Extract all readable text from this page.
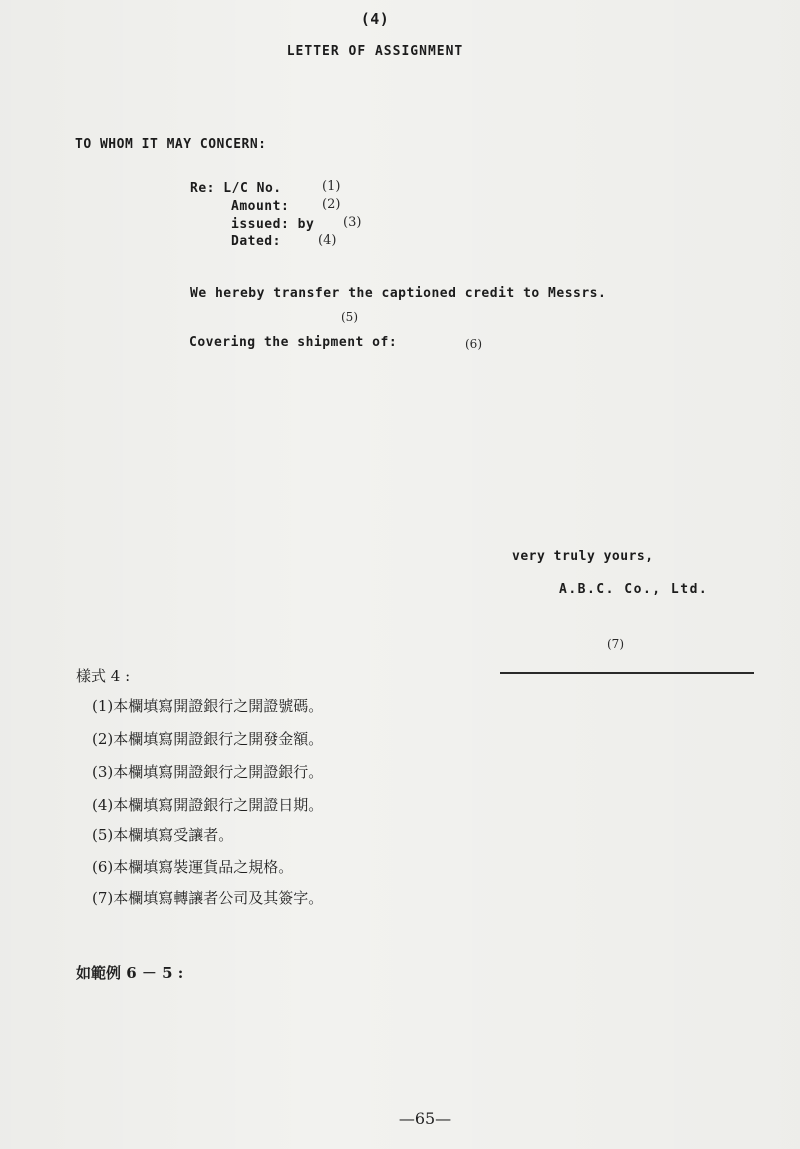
(4)
LETTER OF ASSIGNMENT
TO WHOM IT MAY CONCERN:
Re: L/C No.	(1)
Amount:	(2)
issued: by (3)
Dated:	(4)
We hereby transfer the captioned credit to Messrs.
(5)
Covering the shipment of:	(6)
very truly yours,
A.B.C. Co., Ltd.
(7)
樣式 4 :
(1)本欄填寫開證銀行之開證號碼。
(2)本欄填寫開證銀行之開發金額。
(3)本欄填寫開證銀行之開證銀行。
(4)本欄填寫開證銀行之開證日期。
(5)本欄填寫受讓者。
(6)本欄填寫裝運貨品之規格。
(7)本欄填寫轉讓者公司及其簽字。
如範例 6 － 5 :
—65—
